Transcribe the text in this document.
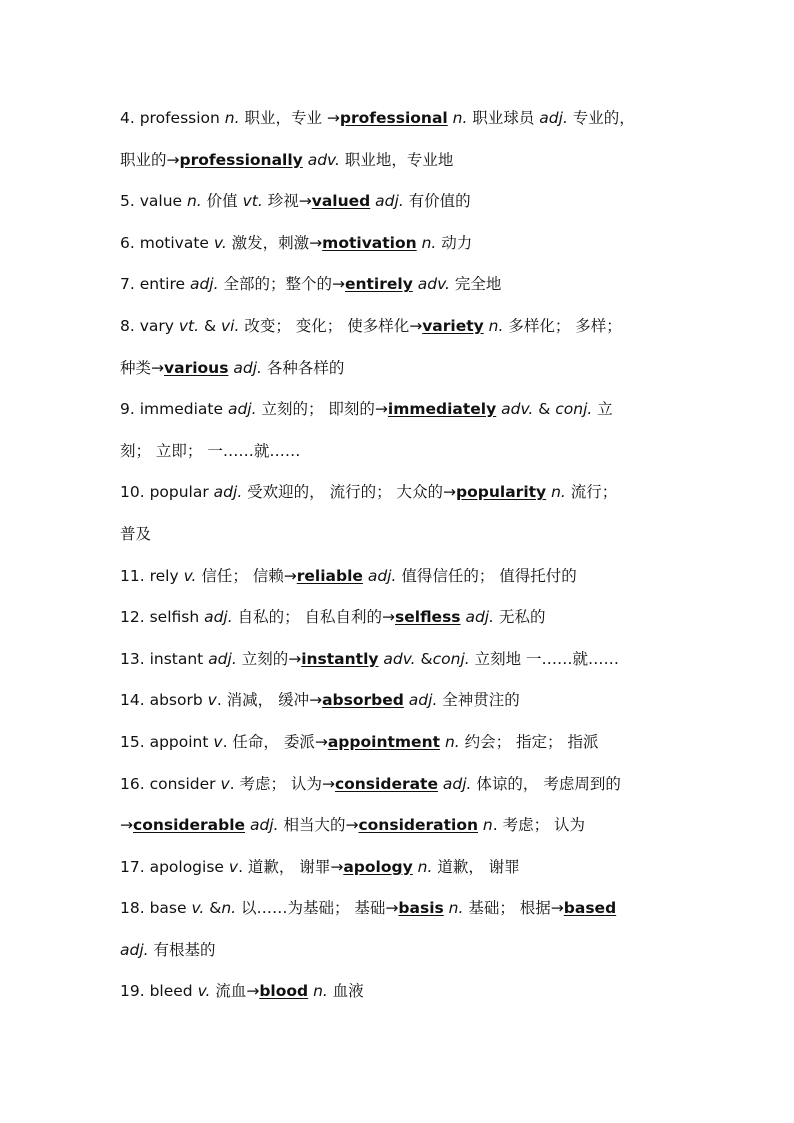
4. profession n. 职业，专业 →professional n. 职业球员 adj. 专业的，
职业的→professionally adv. 职业地，专业地
5. value n. 价值 vt. 珍视→valued adj. 有价值的
6. motivate v. 激发，刺激→motivation n. 动力
7. entire adj. 全部的；整个的→entirely adv. 完全地
8. vary vt. & vi. 改变； 变化； 使多样化→variety n. 多样化； 多样；
种类→various adj. 各种各样的
9. immediate adj. 立刻的； 即刻的→immediately adv. & conj. 立
刻； 立即； 一……就……
10. popular adj. 受欢迎的， 流行的； 大众的→popularity n. 流行；
普及
11. rely v. 信任； 信赖→reliable adj. 值得信任的； 值得托付的
12. selfish adj. 自私的； 自私自利的→selfless adj. 无私的
13. instant adj. 立刻的→instantly adv. &conj. 立刻地 一……就……
14. absorb v. 消减， 缓冲→absorbed adj. 全神贯注的
15. appoint v. 任命， 委派→appointment n. 约会； 指定； 指派
16. consider v. 考虑； 认为→considerate adj. 体谅的， 考虑周到的
→considerable adj. 相当大的→consideration n. 考虑； 认为
17. apologise v. 道歉， 谢罪→apology n. 道歉， 谢罪
18. base v. &n. 以……为基础； 基础→basis n. 基础； 根据→based
adj. 有根基的
19. bleed v. 流血→blood n. 血液
